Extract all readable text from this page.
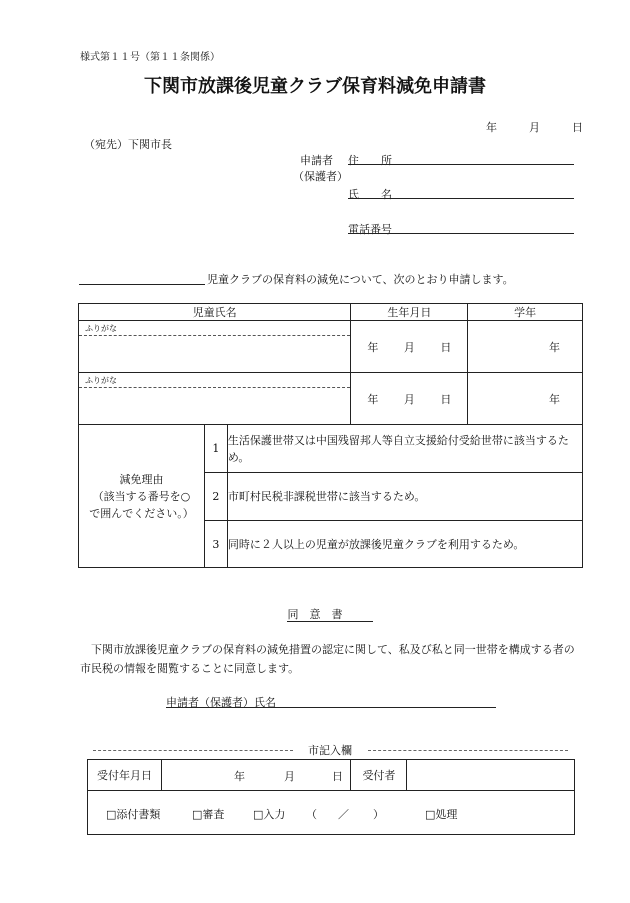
様式第１１号（第１１条関係）
下関市放課後児童クラブ保育料減免申請書
年	月	日
（宛先）下関市長
申請者
（保護者）
住　　所
氏　　名
電話番号
児童クラブの保育料の減免について、次のとおり申請します。
児童氏名			生年月日	学年

ふりがな			年　　 月　　 日	年

ふりがな			年　　 月　　 日	年

減免理由
（該当する番号を○
で囲んでください。）	1	生活保護世帯又は中国残留邦人等自立支援給付受給世帯に該当するため。		
	2	市町村民税非課税世帯に該当するため。		
	3	同時に２人以上の児童が放課後児童クラブを利用するため。		
同　意　書
下関市放課後児童クラブの保育料の減免措置の認定に関して、私及び私と同一世帯を構成する者の市民税の情報を閲覧することに同意します。
申請者（保護者）氏名
市記入欄
受付年月日	年	月	日	受付者	

□添付書類	□審査	□入力 （ ／ ）	□処理
